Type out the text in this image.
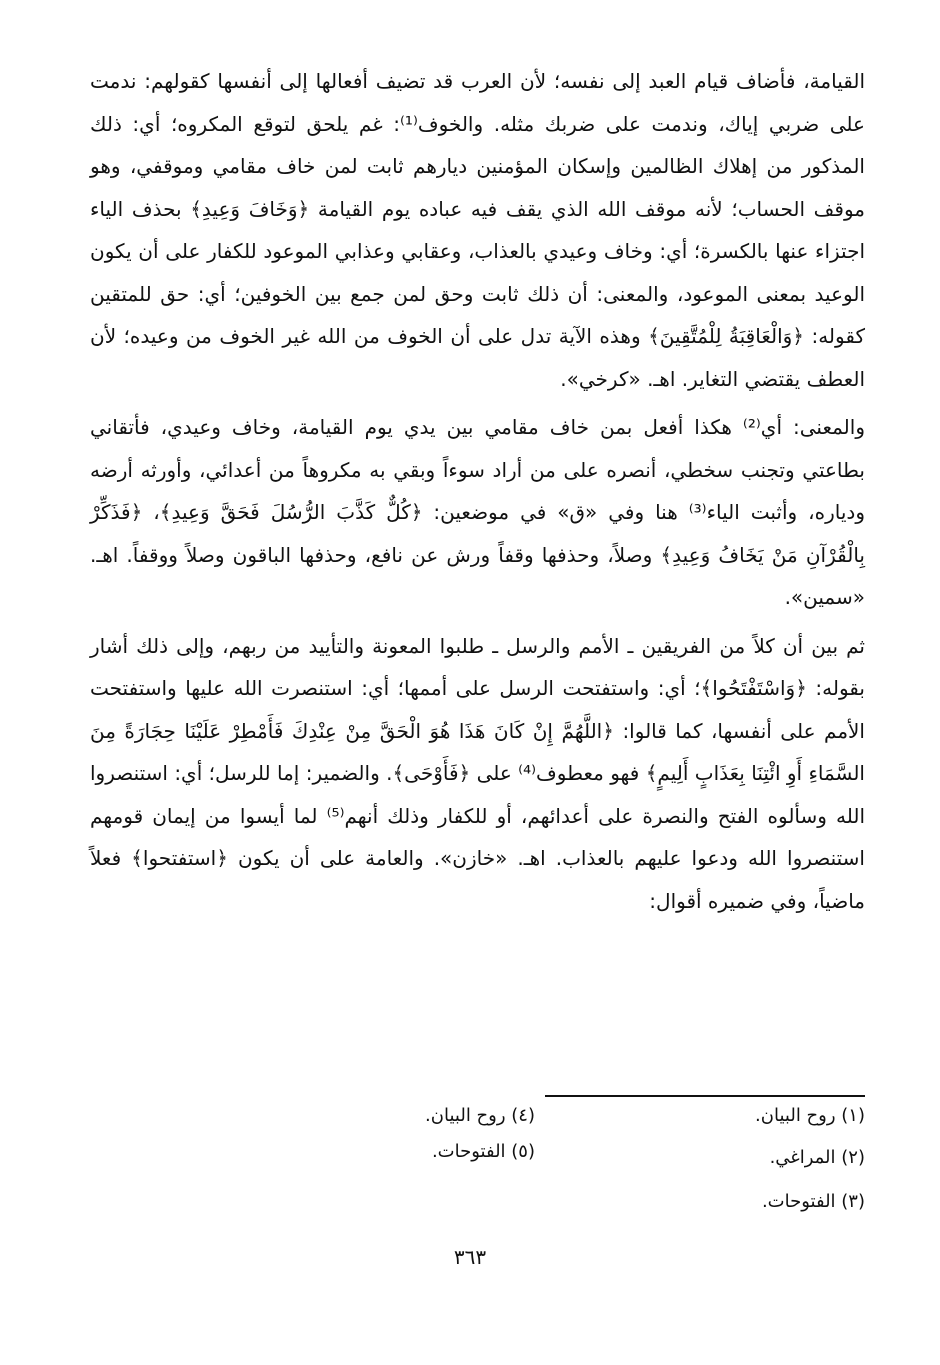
القيامة، فأضاف قيام العبد إلى نفسه؛ لأن العرب قد تضيف أفعالها إلى أنفسها كقولهم: ندمت على ضربي إياك، وندمت على ضربك مثله. والخوف⁽¹⁾: غم يلحق لتوقع المكروه؛ أي: ذلك المذكور من إهلاك الظالمين وإسكان المؤمنين ديارهم ثابت لمن خاف مقامي وموقفي، وهو موقف الحساب؛ لأنه موقف الله الذي يقف فيه عباده يوم القيامة ﴿وَخَافَ وَعِيدِ﴾ بحذف الياء اجتزاء عنها بالكسرة؛ أي: وخاف وعيدي بالعذاب، وعقابي وعذابي الموعود للكفار على أن يكون الوعيد بمعنى الموعود، والمعنى: أن ذلك ثابت وحق لمن جمع بين الخوفين؛ أي: حق للمتقين كقوله: ﴿وَالْعَاقِبَةُ لِلْمُتَّقِينَ﴾ وهذه الآية تدل على أن الخوف من الله غير الخوف من وعيده؛ لأن العطف يقتضي التغاير. اهـ. «كرخي».

والمعنى: أي⁽²⁾ هكذا أفعل بمن خاف مقامي بين يدي يوم القيامة، وخاف وعيدي، فأتقاني بطاعتي وتجنب سخطي، أنصره على من أراد سوءاً وبقي به مكروهاً من أعدائي، وأورثه أرضه ودياره، وأثبت الياء⁽³⁾ هنا وفي «ق» في موضعين: ﴿كُلٌّ كَذَّبَ الرُّسُلَ فَحَقَّ وَعِيدِ﴾، ﴿فَذَكِّرْ بِالْقُرْآنِ مَنْ يَخَافُ وَعِيدِ﴾ وصلاً، وحذفها وقفاً ورش عن نافع، وحذفها الباقون وصلاً ووقفاً. اهـ. «سمين».

ثم بين أن كلاً من الفريقين ـ الأمم والرسل ـ طلبوا المعونة والتأييد من ربهم، وإلى ذلك أشار بقوله: ﴿وَاسْتَفْتَحُوا﴾؛ أي: واستفتحت الرسل على أممها؛ أي: استنصرت الله عليها واستفتحت الأمم على أنفسها، كما قالوا: ﴿اللَّهُمَّ إِنْ كَانَ هَذَا هُوَ الْحَقَّ مِنْ عِنْدِكَ فَأَمْطِرْ عَلَيْنَا حِجَارَةً مِنَ السَّمَاءِ أَوِ ائْتِنَا بِعَذَابٍ أَلِيمٍ﴾ فهو معطوف⁽⁴⁾ على ﴿فَأَوْحَى﴾. والضمير: إما للرسل؛ أي: استنصروا الله وسألوه الفتح والنصرة على أعدائهم، أو للكفار وذلك أنهم⁽⁵⁾ لما أيسوا من إيمان قومهم استنصروا الله ودعوا عليهم بالعذاب. اهـ. «خازن». والعامة على أن يكون ﴿استفتحوا﴾ فعلاً ماضياً، وفي ضميره أقوال:

(١) روح البيان.
(٢) المراغي.
(٣) الفتوحات.
(٤) روح البيان.
(٥) الفتوحات.
٣٦٣
